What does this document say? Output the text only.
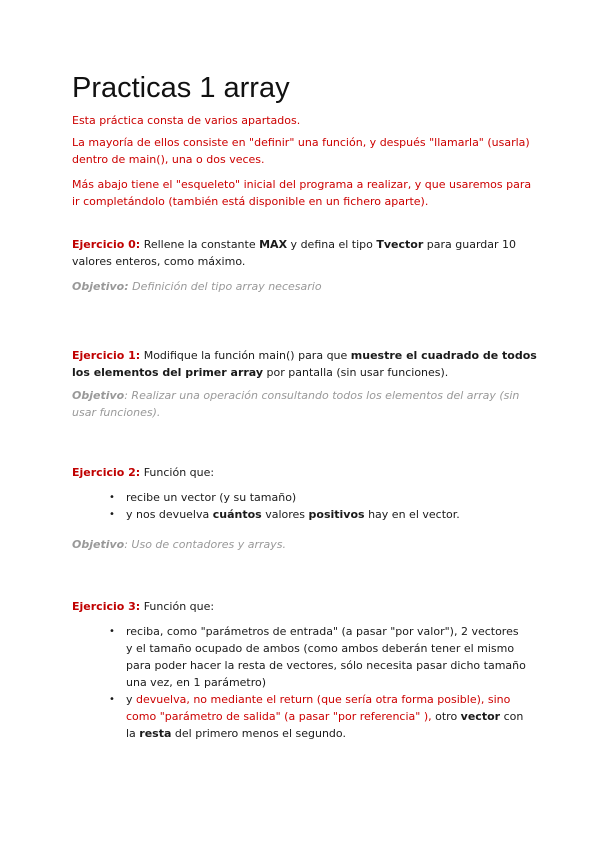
Practicas 1 array

Esta práctica consta de varios apartados.

La mayoría de ellos consiste en "definir" una función, y después "llamarla" (usarla) dentro de main(), una o dos veces.

Más abajo tiene el "esqueleto" inicial del programa a realizar, y que usaremos para ir completándolo (también está disponible en un fichero aparte).

Ejercicio 0: Rellene la constante MAX y defina el tipo Tvector para guardar 10 valores enteros, como máximo.

Objetivo: Definición del tipo array necesario

Ejercicio 1: Modifique la función main() para que muestre el cuadrado de todos los elementos del primer array por pantalla (sin usar funciones).

Objetivo: Realizar una operación consultando todos los elementos del array (sin usar funciones).

Ejercicio 2: Función que:

• recibe un vector (y su tamaño)
• y nos devuelva cuántos valores positivos hay en el vector.

Objetivo: Uso de contadores y arrays.

Ejercicio 3: Función que:

• reciba, como "parámetros de entrada" (a pasar "por valor"), 2 vectores y el tamaño ocupado de ambos (como ambos deberán tener el mismo para poder hacer la resta de vectores, sólo necesita pasar dicho tamaño una vez, en 1 parámetro)
• y devuelva, no mediante el return (que sería otra forma posible), sino como "parámetro de salida" (a pasar "por referencia" ), otro vector con la resta del primero menos el segundo.
